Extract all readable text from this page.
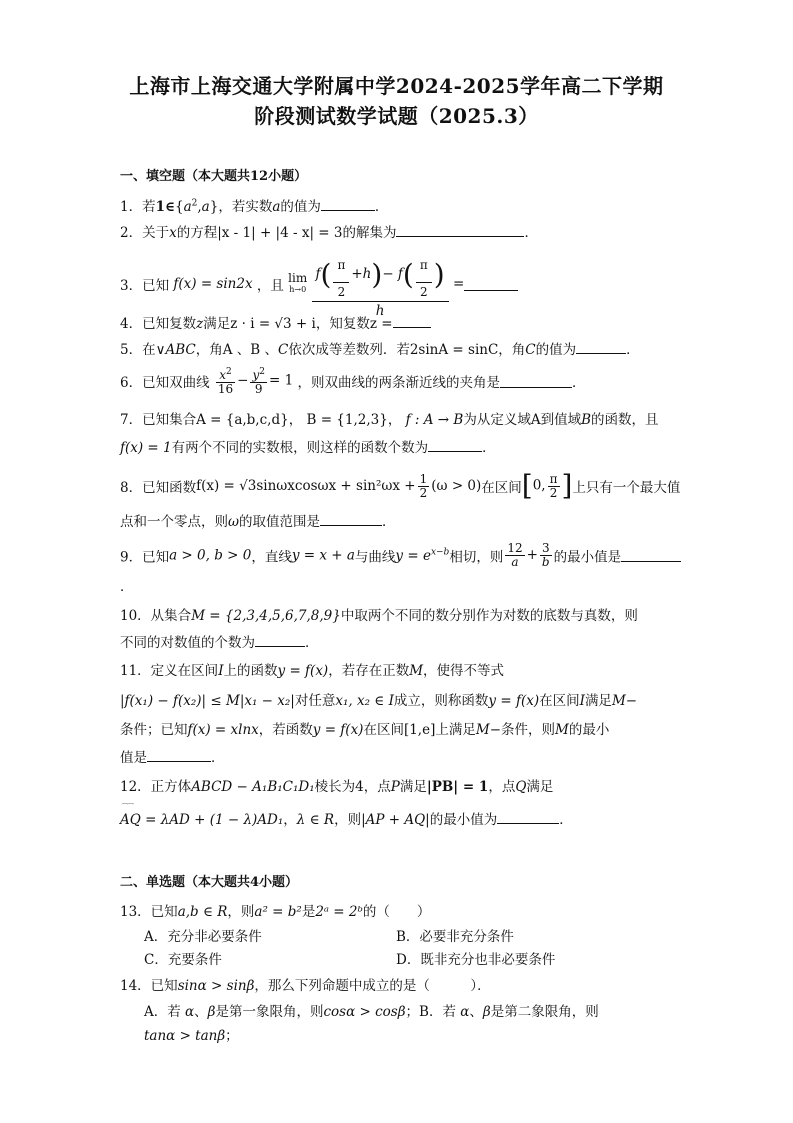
上海市上海交通大学附属中学2024-2025学年高二下学期
阶段测试数学试题（2025.3）
一、填空题（本大题共12小题）
1．若$1\in\{a^2,a\}$，若实数a的值为	．
2．关于x的方程|x - 1| + |4 - x| = 3的解集为	．
3．已知 f(x) = sin2x ，且 lim
h→0
$\frac{f( \frac{\pi}{2} +h)- f( \frac{\pi}{2} )}{h}$ =
4．已知复数z满足z · i = √3 + i，知复数z =
5．在∨ABC，角A 、B 、C依次成等差数列．若2sinA = sinC，角C的值为	．
6．已知双曲线 $\frac{x^2}{16} - \frac{y^2}{9} = 1$ ，则双曲线的两条渐近线的夹角是	．
7．已知集合A = {a,b,c,d}， B = {1,2,3}， f : A → B为从定义域A到值域B的函数，且
f(x) = 1有两个不同的实数根，则这样的函数个数为	．
8．已知函数$f(x) = √3\sin\omega xcos\omega x + \sin^2\omega x + \frac{1}{2} (\omega > 0)$在区间[0, $\frac{\pi}{2}$ ]上只有一个最大值
点和一个零点，则ω的取值范围是	．
9．已知a > 0, b > 0，直线y = x + a与曲线$y = e^{x-b}$相切，则 $\frac{12}{a} + \frac{3}{b}$ 的最小值是
．
10．从集合M = {2,3,4,5,6,7,8,9}中取两个不同的数分别作为对数的底数与真数，则
不同的对数值的个数为	．
11．定义在区间I上的函数y = f(x)，若存在正数M，使得不等式
|f(x₁) − f(x₂)| ≤ M|x₁ − x₂|对任意x₁, x₂ ∈ I成立，则称函数y = f(x)在区间I满足M−
条件；已知f(x) = xlnx，若函数y = f(x)在区间[1,e]上满足M−条件，则M的最小
值是	．
12．正方体ABCD − A₁B₁C₁D₁棱长为4，点P满足|PB| = 1，点Q满足
⌒⌒ AQ = λAD + (1 − λ)AD₁，λ ∈ R，则|AP + AQ|的最小值为	．
二、单选题（本大题共4小题）
13．已知a,b ∈ R，则a² = b²是2ᵃ = 2ᵇ的（　　）
A．充分非必要条件	B．必要非充分条件
C．充要条件	D．既非充分也非必要条件
14．已知sinα > sinβ，那么下列命题中成立的是（　　　）．
A．若 α、β是第一象限角，则cosα > cosβ；B．若 α、β是第二象限角，则
tanα > tanβ；
